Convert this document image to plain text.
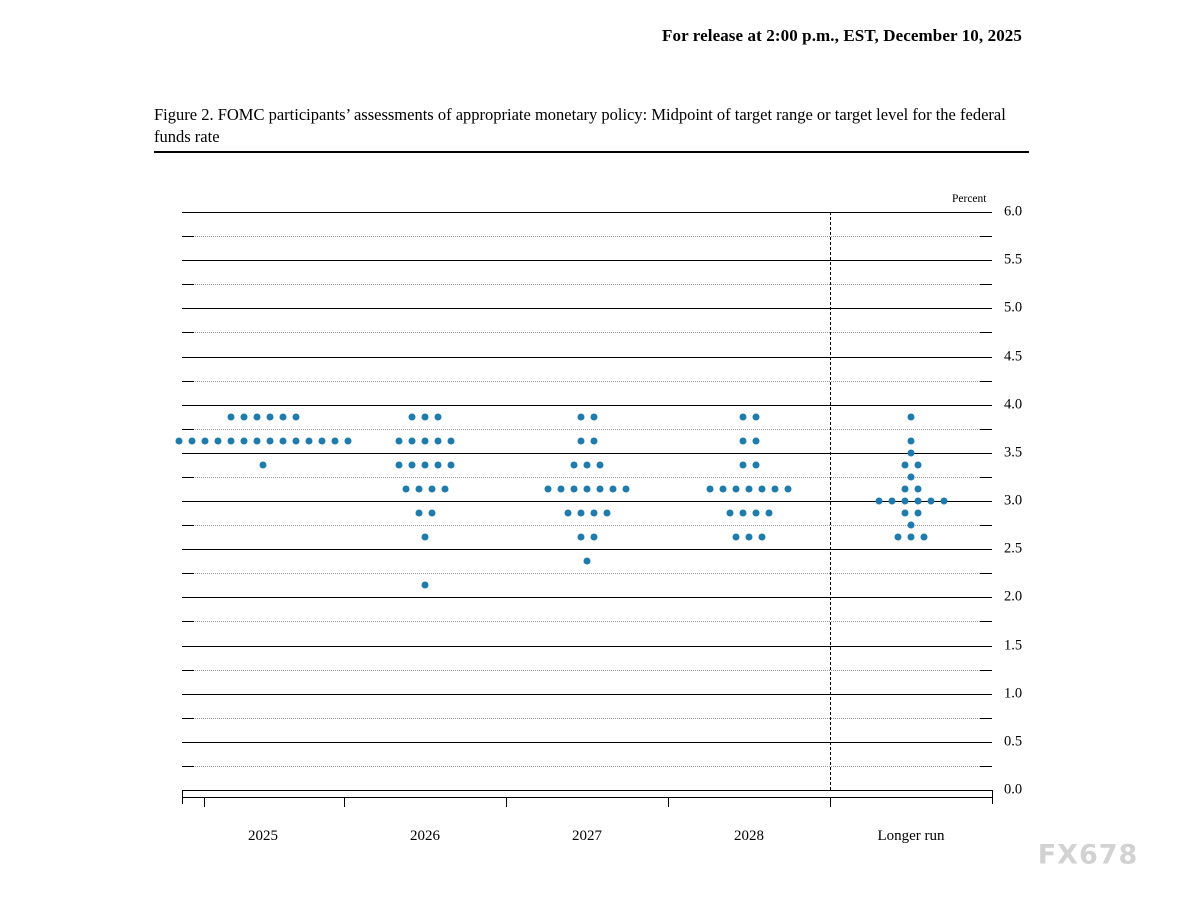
For release at 2:00 p.m., EST, December 10, 2025
Figure 2. FOMC participants’ assessments of appropriate monetary policy: Midpoint of target range or target level for the federal funds rate
Percent
0.0
0.5
1.0
1.5
2.0
2.5
3.0
3.5
4.0
4.5
5.0
5.5
6.0
2025	2026	2027	2028	Longer run
FX678
